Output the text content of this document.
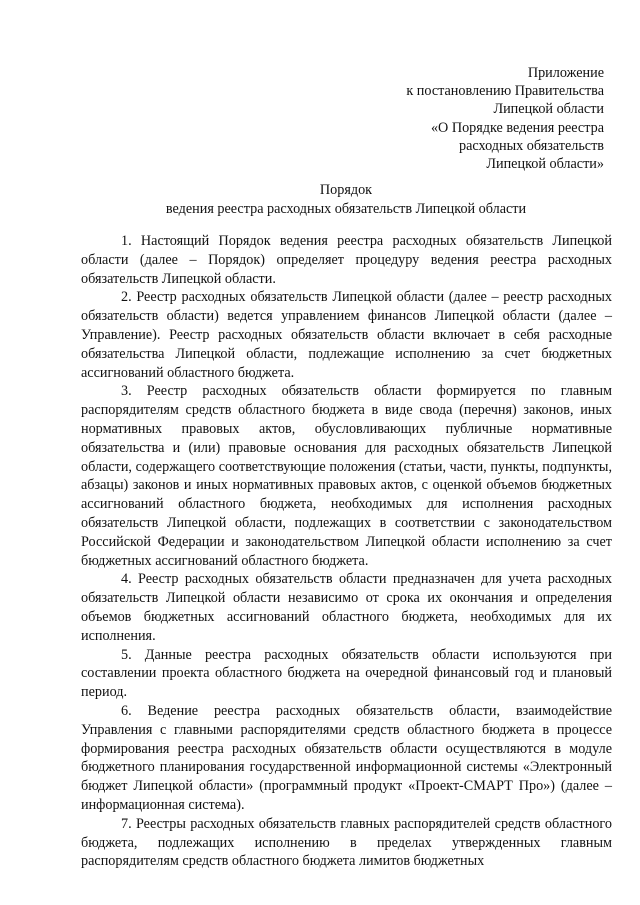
Приложение
к постановлению Правительства
Липецкой области
«О Порядке ведения реестра
расходных обязательств
Липецкой области»
Порядок
ведения реестра расходных обязательств Липецкой области

1. Настоящий Порядок ведения реестра расходных обязательств Липецкой области (далее – Порядок) определяет процедуру ведения реестра расходных обязательств Липецкой области.

2. Реестр расходных обязательств Липецкой области (далее – реестр расходных обязательств области) ведется управлением финансов Липецкой области (далее – Управление). Реестр расходных обязательств области включает в себя расходные обязательства Липецкой области, подлежащие исполнению за счет бюджетных ассигнований областного бюджета.

3. Реестр расходных обязательств области формируется по главным распорядителям средств областного бюджета в виде свода (перечня) законов, иных нормативных правовых актов, обусловливающих публичные нормативные обязательства и (или) правовые основания для расходных обязательств Липецкой области, содержащего соответствующие положения (статьи, части, пункты, подпункты, абзацы) законов и иных нормативных правовых актов, с оценкой объемов бюджетных ассигнований областного бюджета, необходимых для исполнения расходных обязательств Липецкой области, подлежащих в соответствии с законодательством Российской Федерации и законодательством Липецкой области исполнению за счет бюджетных ассигнований областного бюджета.

4. Реестр расходных обязательств области предназначен для учета расходных обязательств Липецкой области независимо от срока их окончания и определения объемов бюджетных ассигнований областного бюджета, необходимых для их исполнения.

5. Данные реестра расходных обязательств области используются при составлении проекта областного бюджета на очередной финансовый год и плановый период.

6. Ведение реестра расходных обязательств области, взаимодействие Управления с главными распорядителями средств областного бюджета в процессе формирования реестра расходных обязательств области осуществляются в модуле бюджетного планирования государственной информационной системы «Электронный бюджет Липецкой области» (программный продукт «Проект-СМАРТ Про») (далее – информационная система).

7. Реестры расходных обязательств главных распорядителей средств областного бюджета, подлежащих исполнению в пределах утвержденных главным распорядителям средств областного бюджета лимитов бюджетных
